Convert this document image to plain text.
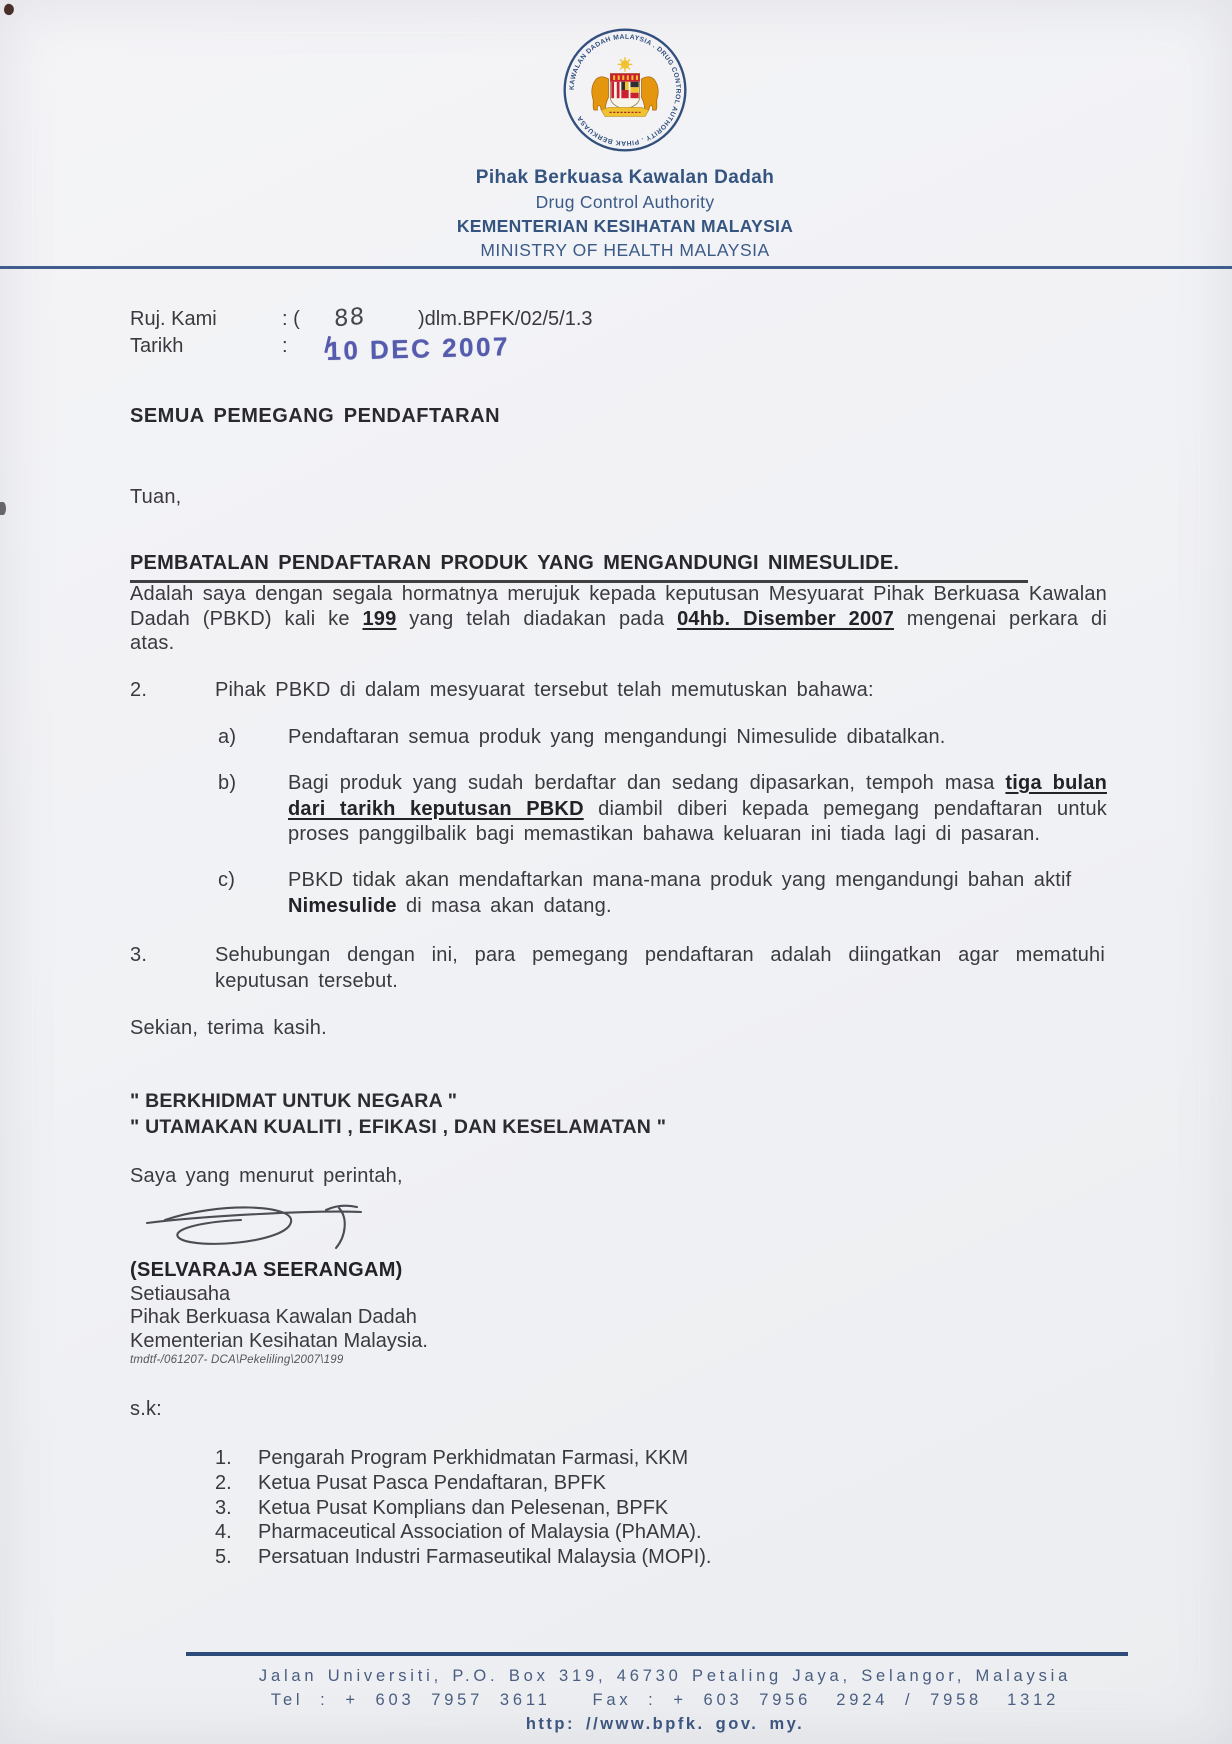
KAWALAN DADAH MALAYSIA . DRUG CONTROL AUTHORITY . PIHAK BERKUASA
Pihak Berkuasa Kawalan Dadah
Drug Control Authority
KEMENTERIAN KESIHATAN MALAYSIA
MINISTRY OF HEALTH MALAYSIA
Ruj. Kami	: ( 88	)dlm.BPFK/02/5/1.3
Tarikh	: 10 DEC 2007
SEMUA PEMEGANG PENDAFTARAN
Tuan,
PEMBATALAN PENDAFTARAN PRODUK YANG MENGANDUNGI NIMESULIDE.
Adalah saya dengan segala hormatnya merujuk kepada keputusan Mesyuarat Pihak Berkuasa Kawalan Dadah (PBKD) kali ke 199 yang telah diadakan pada 04hb. Disember 2007 mengenai perkara di atas.
2.	Pihak PBKD di dalam mesyuarat tersebut telah memutuskan bahawa:
a)	Pendaftaran semua produk yang mengandungi Nimesulide dibatalkan.
b)	Bagi produk yang sudah berdaftar dan sedang dipasarkan, tempoh masa tiga bulan dari tarikh keputusan PBKD diambil diberi kepada pemegang pendaftaran untuk proses panggilbalik bagi memastikan bahawa keluaran ini tiada lagi di pasaran.
c)	PBKD tidak akan mendaftarkan mana-mana produk yang mengandungi bahan aktif Nimesulide di masa akan datang.
3.	Sehubungan dengan ini, para pemegang pendaftaran adalah diingatkan agar mematuhi keputusan tersebut.
Sekian, terima kasih.
" BERKHIDMAT UNTUK NEGARA "
" UTAMAKAN KUALITI , EFIKASI , DAN KESELAMATAN "
Saya yang menurut perintah,
(SELVARAJA SEERANGAM)
Setiausaha
Pihak Berkuasa Kawalan Dadah
Kementerian Kesihatan Malaysia.
tmdtf-/061207- DCA\Pekeliling\2007\199
s.k:
1.	Pengarah Program Perkhidmatan Farmasi, KKM
2.	Ketua Pusat Pasca Pendaftaran, BPFK
3.	Ketua Pusat Komplians dan Pelesenan, BPFK
4.	Pharmaceutical Association of Malaysia (PhAMA).
5.	Persatuan Industri Farmaseutikal Malaysia (MOPI).
Jalan Universiti, P.O. Box 319, 46730 Petaling Jaya, Selangor, Malaysia
Tel  :  +  603  7957  3611     Fax  :  +  603  7956   2924  /  7958   1312
http: //www.bpfk. gov. my.
